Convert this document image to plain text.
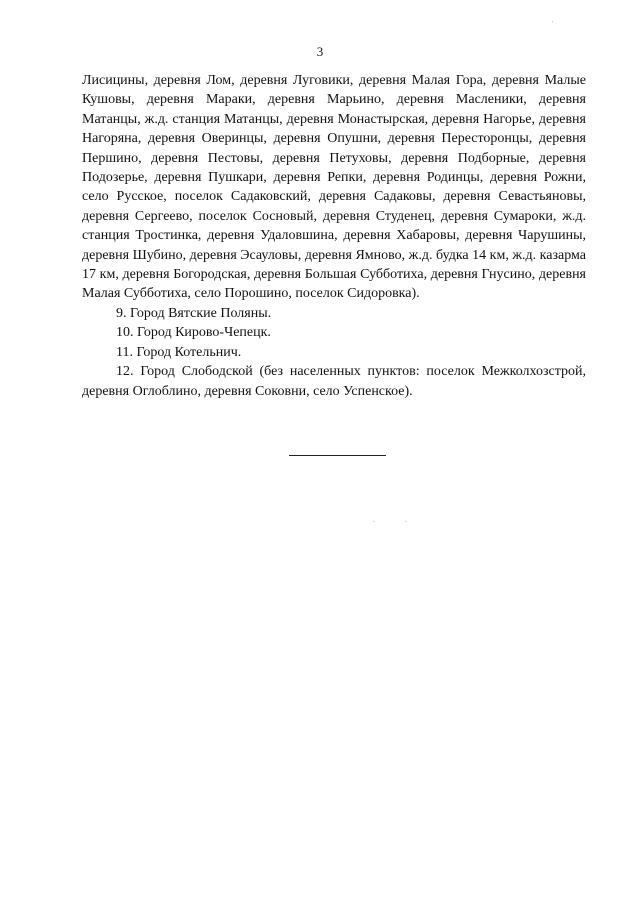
3

Лисицины, деревня Лом, деревня Луговики, деревня Малая Гора, деревня Малые Кушовы, деревня Мараки, деревня Марьино, деревня Масленики, деревня Матанцы, ж.д. станция Матанцы, деревня Монастырская, деревня Нагорье, деревня Нагоряна, деревня Оверинцы, деревня Опушни, деревня Пересторонцы, деревня Першино, деревня Пестовы, деревня Петуховы, деревня Подборные, деревня Подозерье, деревня Пушкари, деревня Репки, деревня Родинцы, деревня Рожни, село Русское, поселок Садаковский, деревня Садаковы, деревня Севастьяновы, деревня Сергеево, поселок Сосновый, деревня Студенец, деревня Сумароки, ж.д. станция Тростинка, деревня Удаловшина, деревня Хабаровы, деревня Чарушины, деревня Шубино, деревня Эсауловы, деревня Ямново, ж.д. будка 14 км, ж.д. казарма 17 км, деревня Богородская, деревня Большая Субботиха, деревня Гнусино, деревня Малая Субботиха, село Порошино, поселок Сидоровка).

9. Город Вятские Поляны.

10. Город Кирово-Чепецк.

11. Город Котельнич.

12. Город Слободской (без населенных пунктов: поселок Межколхозстрой, деревня Оглоблино, деревня Соковни, село Успенское).
